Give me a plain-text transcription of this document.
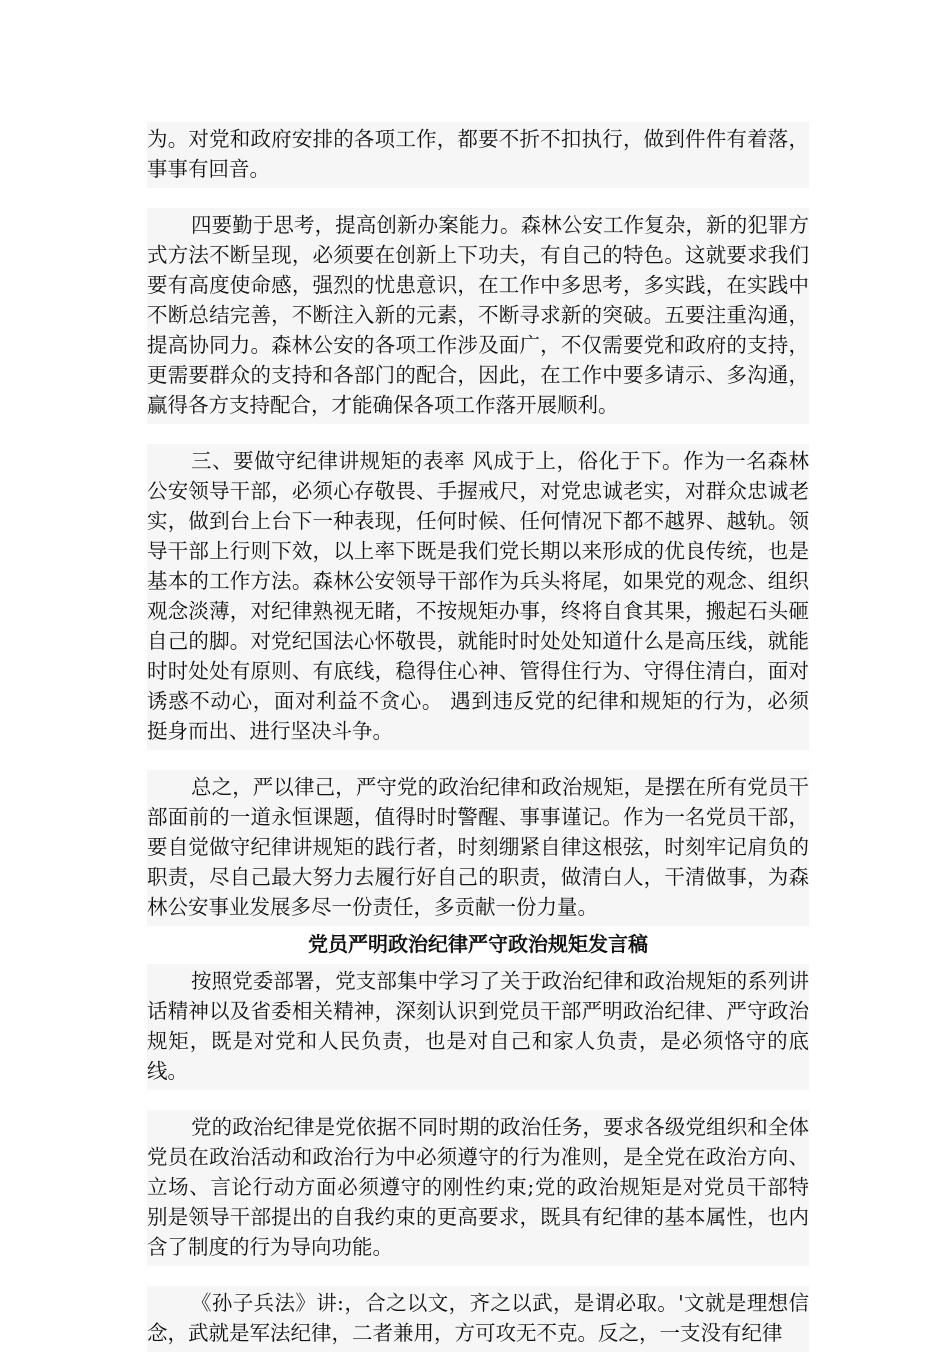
为。对党和政府安排的各项工作，都要不折不扣执行，做到件件有着落，事事有回音。

四要勤于思考，提高创新办案能力。森林公安工作复杂，新的犯罪方式方法不断呈现，必须要在创新上下功夫，有自己的特色。这就要求我们要有高度使命感，强烈的忧患意识，在工作中多思考，多实践，在实践中不断总结完善，不断注入新的元素，不断寻求新的突破。五要注重沟通，提高协同力。森林公安的各项工作涉及面广，不仅需要党和政府的支持，更需要群众的支持和各部门的配合，因此，在工作中要多请示、多沟通，赢得各方支持配合，才能确保各项工作落开展顺利。

三、要做守纪律讲规矩的表率 风成于上，俗化于下。作为一名森林公安领导干部，必须心存敬畏、手握戒尺，对党忠诚老实，对群众忠诚老实，做到台上台下一种表现，任何时候、任何情况下都不越界、越轨。领导干部上行则下效，以上率下既是我们党长期以来形成的优良传统，也是基本的工作方法。森林公安领导干部作为兵头将尾，如果党的观念、组织观念淡薄，对纪律熟视无睹，不按规矩办事，终将自食其果，搬起石头砸自己的脚。对党纪国法心怀敬畏，就能时时处处知道什么是高压线，就能时时处处有原则、有底线，稳得住心神、管得住行为、守得住清白，面对诱惑不动心，面对利益不贪心。 遇到违反党的纪律和规矩的行为，必须挺身而出、进行坚决斗争。

总之，严以律己，严守党的政治纪律和政治规矩，是摆在所有党员干部面前的一道永恒课题，值得时时警醒、事事谨记。作为一名党员干部，要自觉做守纪律讲规矩的践行者，时刻绷紧自律这根弦，时刻牢记肩负的职责，尽自己最大努力去履行好自己的职责，做清白人，干清做事，为森林公安事业发展多尽一份责任，多贡献一份力量。

党员严明政治纪律严守政治规矩发言稿

按照党委部署，党支部集中学习了关于政治纪律和政治规矩的系列讲话精神以及省委相关精神，深刻认识到党员干部严明政治纪律、严守政治规矩，既是对党和人民负责，也是对自己和家人负责，是必须恪守的底线。

党的政治纪律是党依据不同时期的政治任务，要求各级党组织和全体党员在政治活动和政治行为中必须遵守的行为准则，是全党在政治方向、立场、言论行动方面必须遵守的刚性约束;党的政治规矩是对党员干部特别是领导干部提出的自我约束的更高要求，既具有纪律的基本属性，也内含了制度的行为导向功能。

《孙子兵法》讲:，合之以文，齐之以武，是谓必取。'文就是理想信念，武就是军法纪律，二者兼用，方可攻无不克。反之，一支没有纪律
